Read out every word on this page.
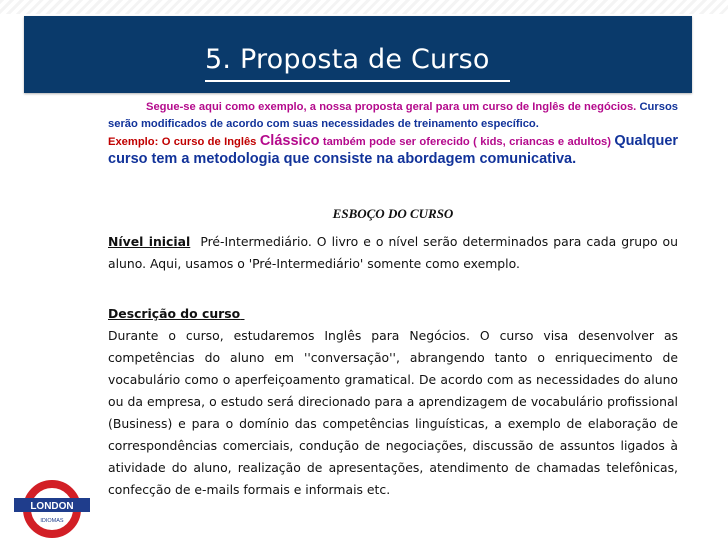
5. Proposta de Curso
Segue-se aqui como exemplo, a nossa proposta geral para um curso de Inglês de negócios. Cursos serão modificados de acordo com suas necessidades de treinamento específico.
Exemplo: O curso de Inglês Clássico também pode ser oferecido ( kids, criancas e adultos) Qualquer curso tem a metodologia que consiste na abordagem comunicativa.
ESBOÇO DO CURSO
Nível inicial Pré-Intermediário. O livro e o nível serão determinados para cada grupo ou aluno. Aqui, usamos o 'Pré-Intermediário' somente como exemplo.
Descrição do curso
Durante o curso, estudaremos Inglês para Negócios. O curso visa desenvolver as competências do aluno em ''conversação'', abrangendo tanto o enriquecimento de vocabulário como o aperfeiçoamento gramatical. De acordo com as necessidades do aluno ou da empresa, o estudo será direcionado para a aprendizagem de vocabulário profissional (Business) e para o domínio das competências linguísticas, a exemplo de elaboração de correspondências comerciais, condução de negociações, discussão de assuntos ligados à atividade do aluno, realização de apresentações, atendimento de chamadas telefônicas, confecção de e-mails formais e informais etc.
LONDON
IDIOMAS
